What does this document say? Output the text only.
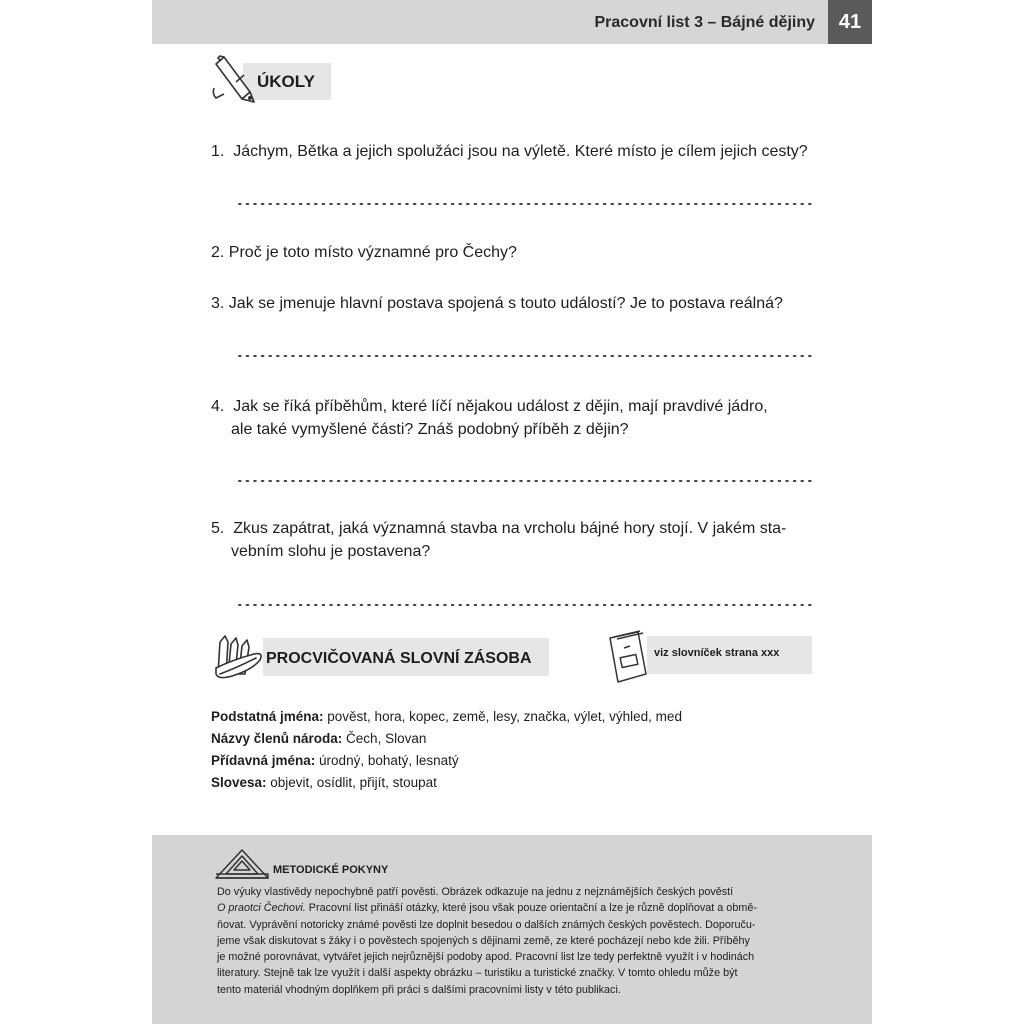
Pracovní list 3 – Bájné dějiny	41
ÚKOLY
1. Jáchym, Bětka a jejich spolužáci jsou na výletě. Které místo je cílem jejich cesty?
2. Proč je toto místo významné pro Čechy?
3. Jak se jmenuje hlavní postava spojená s touto událostí? Je to postava reálná?
4. Jak se říká příběhům, které líčí nějakou událost z dějin, mají pravdivé jádro,
ale také vymyšlené části? Znáš podobný příběh z dějin?
5. Zkus zapátrat, jaká významná stavba na vrcholu bájné hory stojí. V jakém sta-
vebním slohu je postavena?
PROCVIČOVANÁ SLOVNÍ ZÁSOBA	viz slovníček strana xxx
Podstatná jména: pověst, hora, kopec, země, lesy, značka, výlet, výhled, med
Názvy členů národa: Čech, Slovan
Přídavná jména: úrodný, bohatý, lesnatý
Slovesa: objevit, osídlit, přijít, stoupat
METODICKÉ POKYNY
Do výuky vlastivědy nepochybně patří pověsti. Obrázek odkazuje na jednu z nejznámějších českých pověstí
O praotci Čechovi. Pracovní list přináší otázky, které jsou však pouze orientační a lze je různě doplňovat a obmě-
ňovat. Vyprávění notoricky známé pověsti lze doplnit besedou o dalších známých českých pověstech. Doporuču-
jeme však diskutovat s žáky i o pověstech spojených s dějinami země, ze které pocházejí nebo kde žili. Příběhy
je možné porovnávat, vytvářet jejich nejrůznější podoby apod. Pracovní list lze tedy perfektně využít i v hodinách
literatury. Stejně tak lze využít i další aspekty obrázku – turistiku a turistické značky. V tomto ohledu může být
tento materiál vhodným doplňkem při práci s dalšími pracovními listy v této publikaci.
